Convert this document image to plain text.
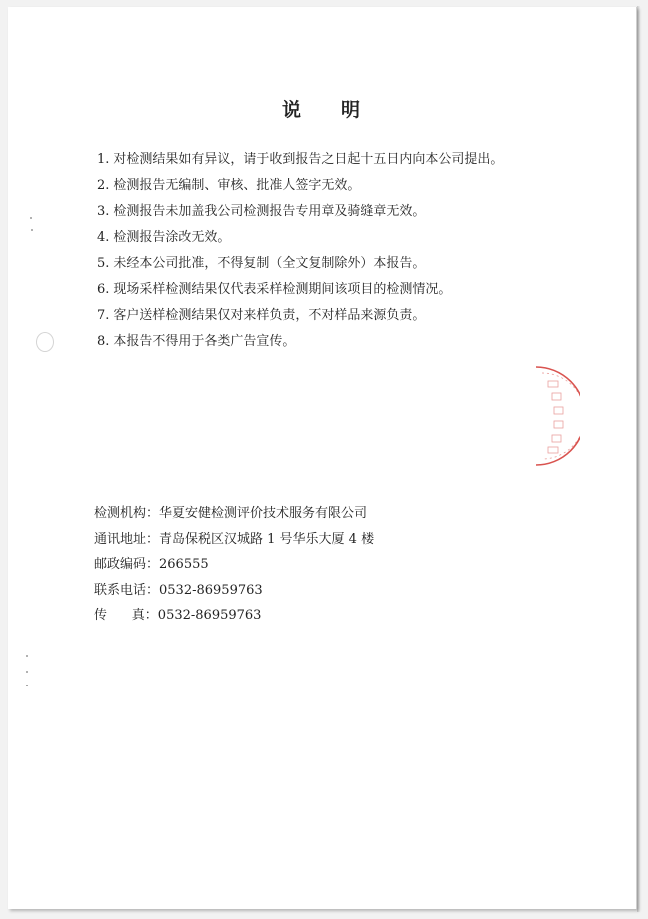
说 明
1. 对检测结果如有异议，请于收到报告之日起十五日内向本公司提出。
2. 检测报告无编制、审核、批准人签字无效。
3. 检测报告未加盖我公司检测报告专用章及骑缝章无效。
4. 检测报告涂改无效。
5. 未经本公司批准，不得复制（全文复制除外）本报告。
6. 现场采样检测结果仅代表采样检测期间该项目的检测情况。
7. 客户送样检测结果仅对来样负责，不对样品来源负责。
8. 本报告不得用于各类广告宣传。
检测机构：华夏安健检测评价技术服务有限公司
通讯地址：青岛保税区汉城路 1 号华乐大厦 4 楼
邮政编码：266555
联系电话：0532-86959763
传      真：0532-86959763
